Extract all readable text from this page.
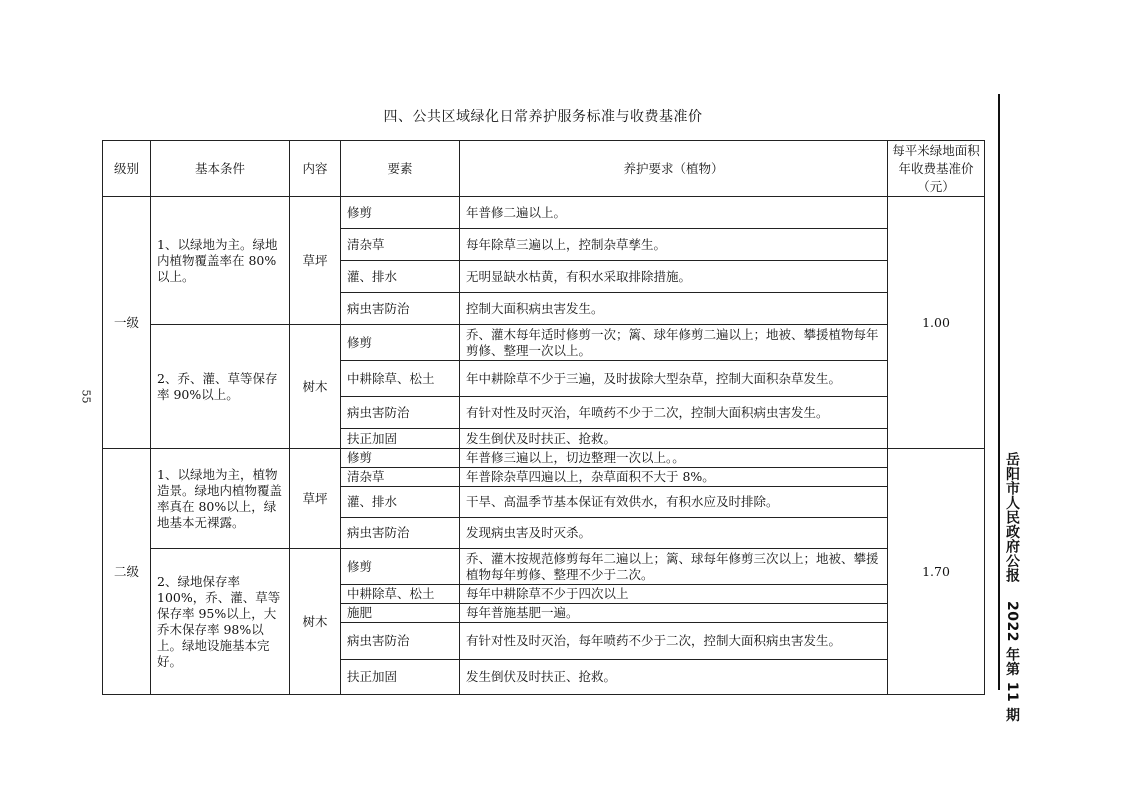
四、公共区域绿化日常养护服务标准与收费基准价
级别	基本条件	内容	要素	养护要求（植物）	每平米绿地面积年收费基准价（元）
一级	1、以绿地为主。绿地内植物覆盖率在 80%以上。	草坪	修剪	年普修二遍以上。	1.00
			清杂草	每年除草三遍以上，控制杂草孳生。	
			灌、排水	无明显缺水枯黄，有积水采取排除措施。	
			病虫害防治	控制大面积病虫害发生。	
	2、乔、灌、草等保存率 90%以上。	树木	修剪	乔、灌木每年适时修剪一次；篱、球年修剪二遍以上；地被、攀援植物每年剪修、整理一次以上。	
			中耕除草、松土	年中耕除草不少于三遍，及时拔除大型杂草，控制大面积杂草发生。	
			病虫害防治	有针对性及时灭治，年喷药不少于二次，控制大面积病虫害发生。	
			扶正加固	发生倒伏及时扶正、抢救。	
二级	1、以绿地为主，植物造景。绿地内植物覆盖率真在 80%以上，绿地基本无裸露。	草坪	修剪	年普修三遍以上，切边整理一次以上。。	1.70
			清杂草	年普除杂草四遍以上，杂草面积不大于 8%。	
			灌、排水	干旱、高温季节基本保证有效供水，有积水应及时排除。	
			病虫害防治	发现病虫害及时灭杀。	
	2、绿地保存率 100%，乔、灌、草等保存率 95%以上，大乔木保存率 98%以上。绿地设施基本完好。	树木	修剪	乔、灌木按规范修剪每年二遍以上；篱、球每年修剪三次以上；地被、攀援植物每年剪修、整理不少于二次。	
			中耕除草、松土	每年中耕除草不少于四次以上	
			施肥	每年普施基肥一遍。	
			病虫害防治	有针对性及时灭治，每年喷药不少于二次，控制大面积病虫害发生。	
			扶正加固	发生倒伏及时扶正、抢救。	
55
岳阳市人民政府公报2022 年第 11 期
